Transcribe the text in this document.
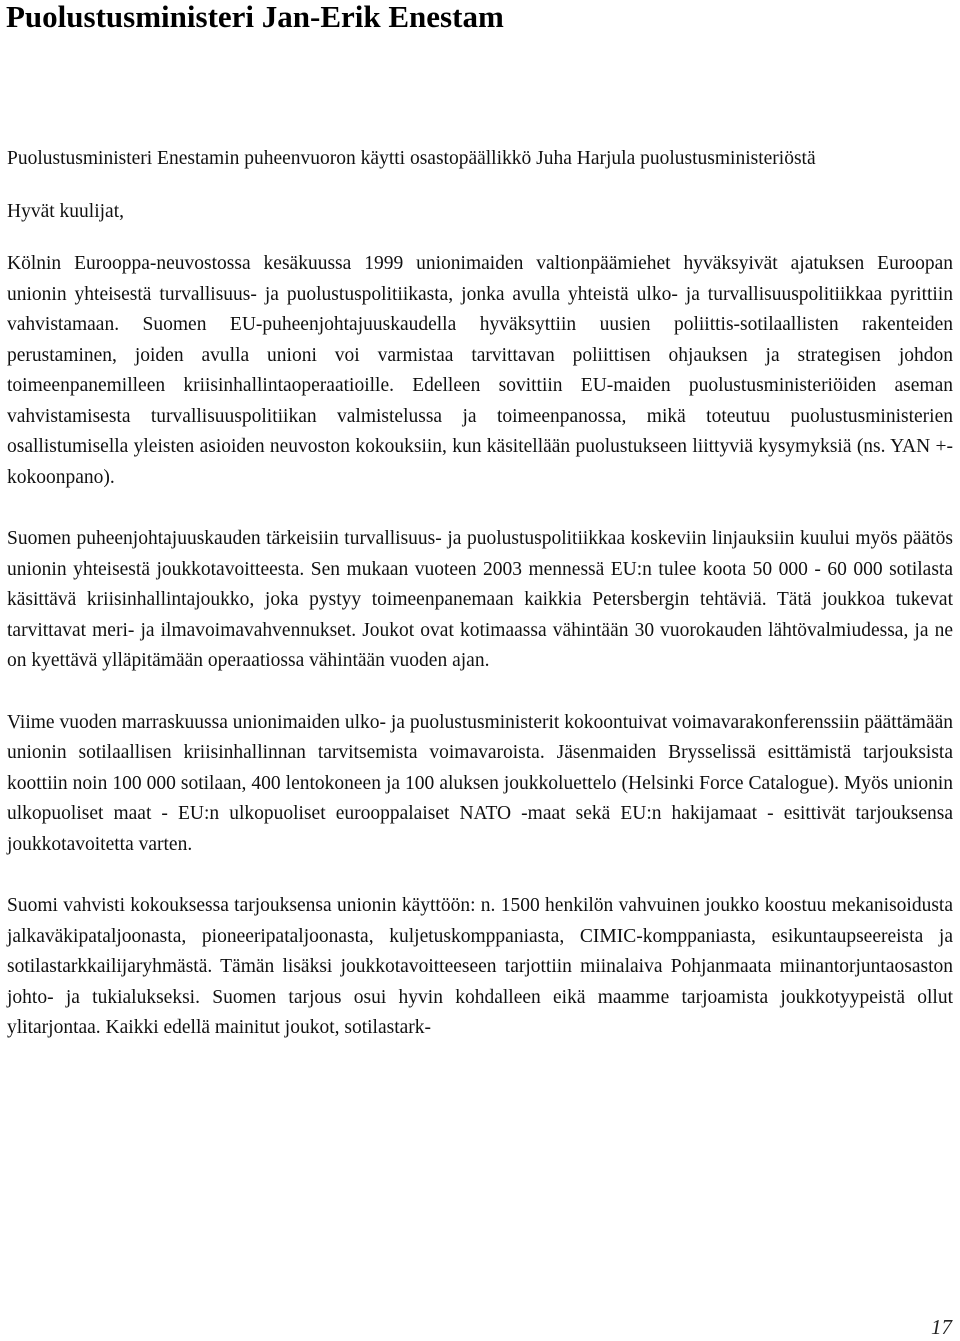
Puolustusministeri Jan-Erik Enestam

Puolustusministeri Enestamin puheenvuoron käytti osastopäällikkö Juha Harjula puolustusministeriöstä

Hyvät kuulijat,

Kölnin Eurooppa-neuvostossa kesäkuussa 1999 unionimaiden valtionpäämiehet hyväksyivät ajatuksen Euroopan unionin yhteisestä turvallisuus- ja puolustuspolitiikasta, jonka avulla yhteistä ulko- ja turvallisuuspolitiikkaa pyrittiin vahvistamaan. Suomen EU-puheenjohtajuuskaudella hyväksyttiin uusien poliittis-sotilaallisten rakenteiden perustaminen, joiden avulla unioni voi varmistaa tarvittavan poliittisen ohjauksen ja strategisen johdon toimeenpanemilleen kriisinhallintaoperaatioille. Edelleen sovittiin EU-maiden puolustusministeriöiden aseman vahvistamisesta turvallisuuspolitiikan valmistelussa ja toimeenpanossa, mikä toteutuu puolustusministerien osallistumisella yleisten asioiden neuvoston kokouksiin, kun käsitellään puolustukseen liittyviä kysymyksiä (ns. YAN +-kokoonpano).

Suomen puheenjohtajuuskauden tärkeisiin turvallisuus- ja puolustuspolitiikkaa koskeviin linjauksiin kuului myös päätös unionin yhteisestä joukkotavoitteesta. Sen mukaan vuoteen 2003 mennessä EU:n tulee koota 50 000 - 60 000 sotilasta käsittävä kriisinhallintajoukko, joka pystyy toimeenpanemaan kaikkia Petersbergin tehtäviä. Tätä joukkoa tukevat tarvittavat meri- ja ilmavoimavahvennukset. Joukot ovat kotimaassa vähintään 30 vuorokauden lähtövalmiudessa, ja ne on kyettävä ylläpitämään operaatiossa vähintään vuoden ajan.

Viime vuoden marraskuussa unionimaiden ulko- ja puolustusministerit kokoontuivat voimavarakonferenssiin päättämään unionin sotilaallisen kriisinhallinnan tarvitsemista voimavaroista. Jäsenmaiden Brysselissä esittämistä tarjouksista koottiin noin 100 000 sotilaan, 400 lentokoneen ja 100 aluksen joukkoluettelo (Helsinki Force Catalogue). Myös unionin ulkopuoliset maat - EU:n ulkopuoliset eurooppalaiset NATO -maat sekä EU:n hakijamaat - esittivät tarjouksensa joukkotavoitetta varten.

Suomi vahvisti kokouksessa tarjouksensa unionin käyttöön: n. 1500 henkilön vahvuinen joukko koostuu mekanisoidusta jalkaväkipataljoonasta, pioneeripataljoonasta, kuljetuskomppaniasta, CIMIC-komppaniasta, esikuntaupseereista ja sotilastarkkailijaryhmästä. Tämän lisäksi joukkotavoitteeseen tarjottiin miinalaiva Pohjanmaata miinantorjuntaosaston johto- ja tukialukseksi. Suomen tarjous osui hyvin kohdalleen eikä maamme tarjoamista joukkotyypeistä ollut ylitarjontaa. Kaikki edellä mainitut joukot, sotilastark-

17
